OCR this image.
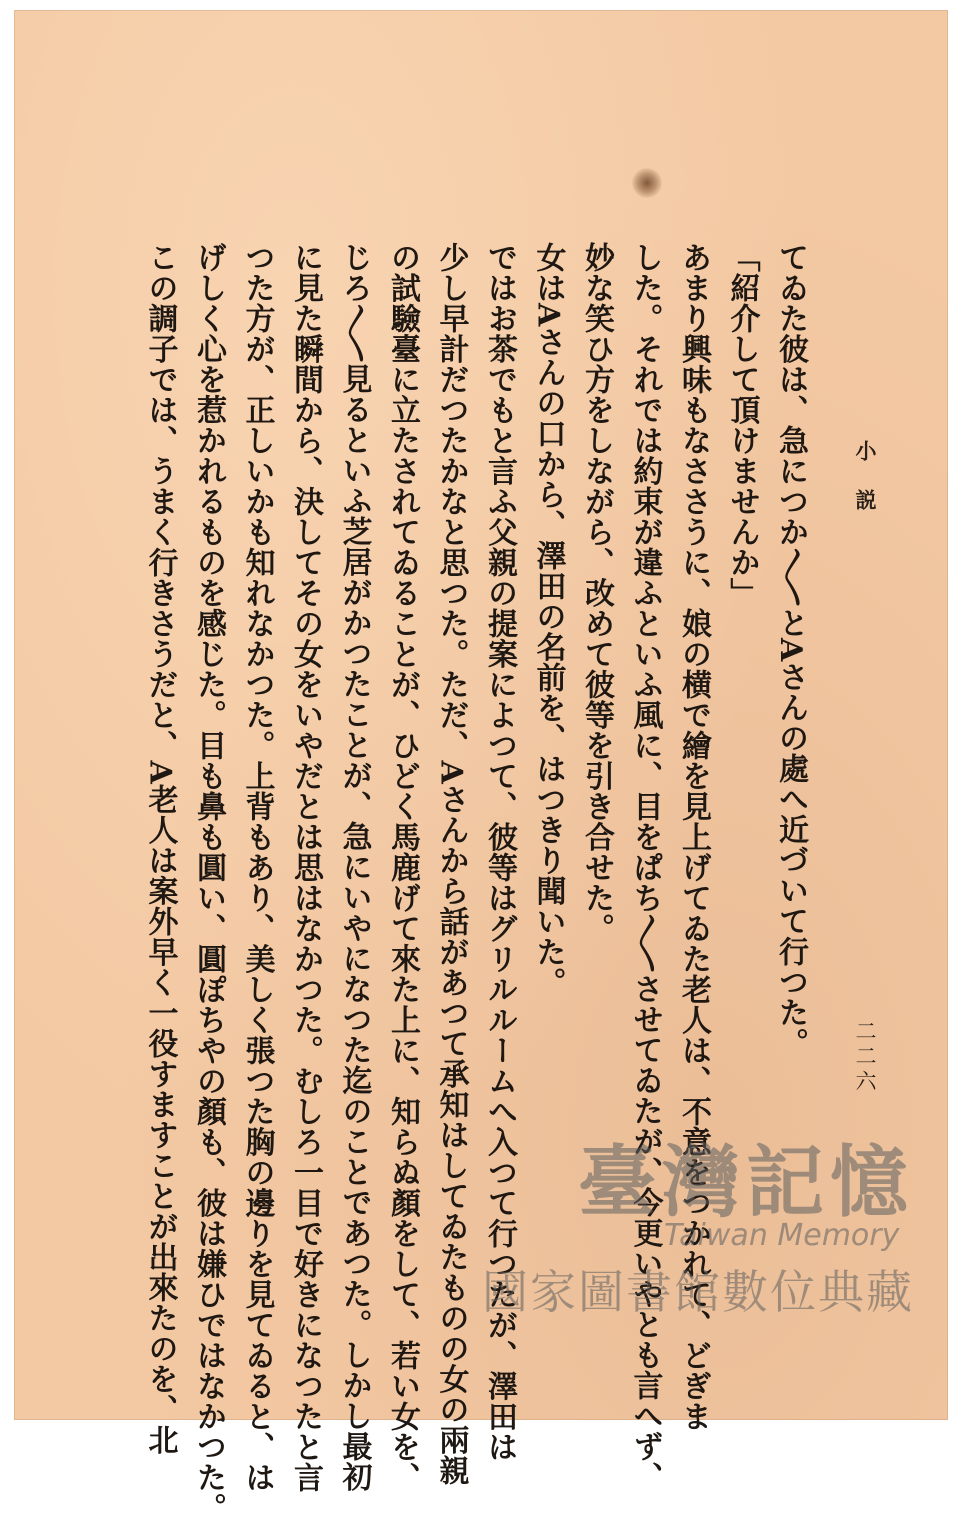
小説
二二六
てゐた彼は、急につか〳〵とAさんの處へ近づいて行つた。
「紹介して頂けませんか」
あまり興味もなささうに、娘の横で繪を見上げてゐた老人は、不意をつかれて、どぎま
した。それでは約束が違ふといふ風に、目をぱち〳〵させてゐたが、今更いやとも言へず、
妙な笑ひ方をしながら、改めて彼等を引き合せた。
女はAさんの口から、澤田の名前を、はつきり聞いた。
ではお茶でもと言ふ父親の提案によつて、彼等はグリルルームへ入つて行つたが、澤田は
少し早計だつたかなと思つた。ただ、Aさんから話があつて承知はしてゐたものの女の兩親
の試驗臺に立たされてゐることが、ひどく馬鹿げて來た上に、知らぬ顏をして、若い女を、
じろ〳〵見るといふ芝居がかつたことが、急にいやになつた迄のことであつた。しかし最初
に見た瞬間から、決してその女をいやだとは思はなかつた。むしろ一目で好きになつたと言
つた方が、正しいかも知れなかつた。上背もあり、美しく張つた胸の邊りを見てゐると、は
げしく心を惹かれるものを感じた。目も鼻も圓い、圓ぽちやの顏も、彼は嫌ひではなかつた。
この調子では、うまく行きさうだと、A老人は案外早く一役すますことが出來たのを、北	臺灣記憶
Taiwan Memory
國家圖書館數位典藏
